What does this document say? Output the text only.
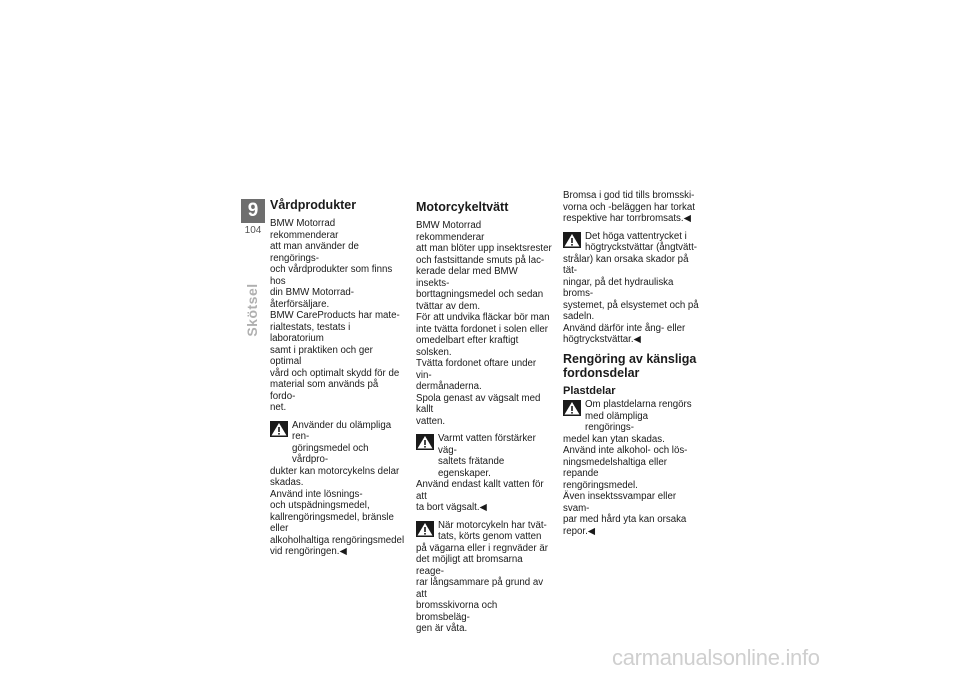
9
104
Skötsel
Vårdprodukter

BMW Motorrad rekommenderar
att man använder de rengörings-
och vårdprodukter som finns hos
din BMW Motorrad-återförsäljare.
BMW CareProducts har mate-
rialtestats, testats i laboratorium
samt i praktiken och ger optimal
vård och optimalt skydd för de
material som används på fordo-
net.

Använder du olämpliga ren-
göringsmedel och vårdpro-
dukter kan motorcykelns delar
skadas.
Använd inte lösnings-
och utspädningsmedel,
kallrengöringsmedel, bränsle eller
alkoholhaltiga rengöringsmedel
vid rengöringen.◀
Motorcykeltvätt

BMW Motorrad rekommenderar
att man blöter upp insektsrester
och fastsittande smuts på lac-
kerade delar med BMW insekts-
borttagningsmedel och sedan
tvättar av dem.
För att undvika fläckar bör man
inte tvätta fordonet i solen eller
omedelbart efter kraftigt solsken.
Tvätta fordonet oftare under vin-
dermånaderna.
Spola genast av vägsalt med kallt
vatten.

Varmt vatten förstärker väg-
saltets frätande egenskaper.
Använd endast kallt vatten för att
ta bort vägsalt.◀
När motorcykeln har tvät-
tats, körts genom vatten
på vägarna eller i regnväder är
det möjligt att bromsarna reage-
rar långsammare på grund av att
bromsskivorna och bromsbeläg-
gen är våta.

Bromsa i god tid tills bromsski-
vorna och -beläggen har torkat
respektive har torrbromsats.◀

Det höga vattentrycket i
högtryckstvättar (ångtvätt-
strålar) kan orsaka skador på tät-
ningar, på det hydrauliska broms-
systemet, på elsystemet och på
sadeln.
Använd därför inte ång- eller
högtryckstvättar.◀
Rengöring av känsliga
fordonsdelar
Plastdelar
Om plastdelarna rengörs
med olämpliga rengörings-
medel kan ytan skadas.
Använd inte alkohol- och lös-
ningsmedelshaltiga eller repande
rengöringsmedel.
Även insektssvampar eller svam-
par med hård yta kan orsaka
repor.◀
carmanualsonline.info
